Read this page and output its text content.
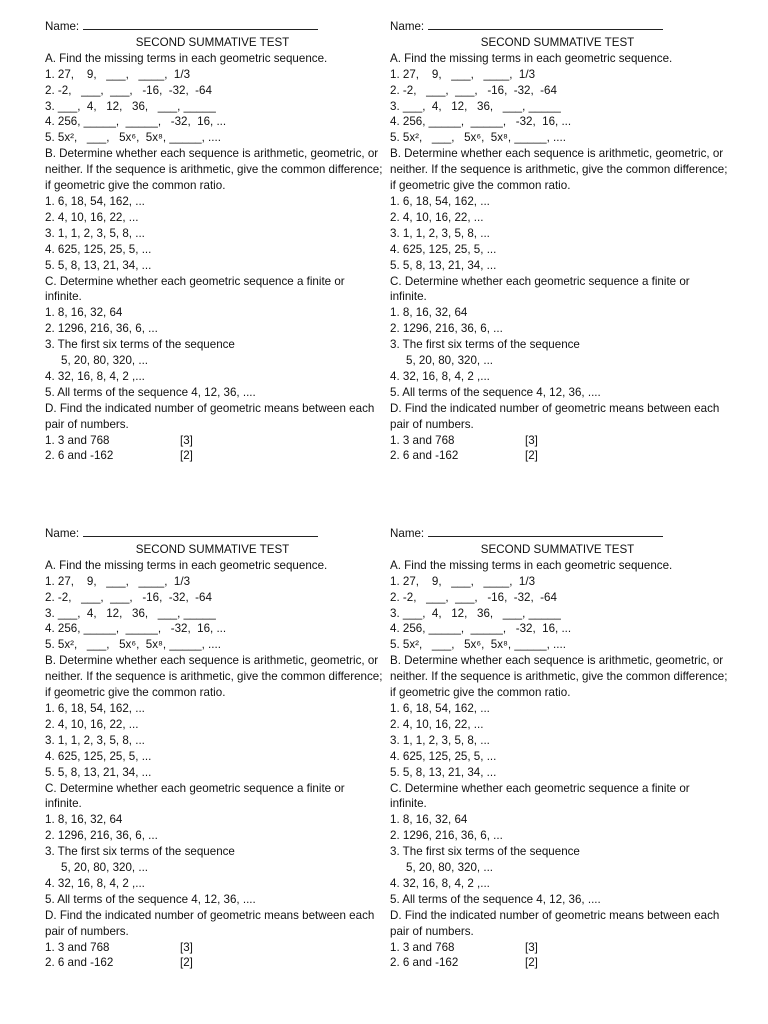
Name:
SECOND SUMMATIVE TEST
A. Find the missing terms in each geometric sequence.
1. 27,    9,   ___,   ____,  1/3
2. -2,   ___,  ___,   -16,  -32,  -64
3. ___,  4,   12,   36,   ___, _____
4. 256, _____,  _____,   -32,  16, ...
5. 5x²,   ___,   5x⁶,  5x⁸, _____, ....
B. Determine whether each sequence is arithmetic, geometric, or neither. If the sequence is arithmetic, give the common difference; if geometric give the common ratio.
1. 6, 18, 54, 162, ...
2. 4, 10, 16, 22, ...
3. 1, 1, 2, 3, 5, 8, ...
4. 625, 125, 25, 5, ...
5. 5, 8, 13, 21, 34, ...
C. Determine whether each geometric sequence a finite or infinite.
1. 8, 16, 32, 64
2. 1296, 216, 36, 6, ...
3. The first six terms of the sequence
5, 20, 80, 320, ...
4. 32, 16, 8, 4, 2 ,...
5. All terms of the sequence 4, 12, 36, ....
D. Find the indicated number of geometric means between each pair of numbers.
1. 3 and 768	[3]
2. 6 and -162	[2]
Name:
SECOND SUMMATIVE TEST
A. Find the missing terms in each geometric sequence.
1. 27,    9,   ___,   ____,  1/3
2. -2,   ___,  ___,   -16,  -32,  -64
3. ___,  4,   12,   36,   ___, _____
4. 256, _____,  _____,   -32,  16, ...
5. 5x²,   ___,   5x⁶,  5x⁸, _____, ....
B. Determine whether each sequence is arithmetic, geometric, or neither. If the sequence is arithmetic, give the common difference; if geometric give the common ratio.
1. 6, 18, 54, 162, ...
2. 4, 10, 16, 22, ...
3. 1, 1, 2, 3, 5, 8, ...
4. 625, 125, 25, 5, ...
5. 5, 8, 13, 21, 34, ...
C. Determine whether each geometric sequence a finite or infinite.
1. 8, 16, 32, 64
2. 1296, 216, 36, 6, ...
3. The first six terms of the sequence
5, 20, 80, 320, ...
4. 32, 16, 8, 4, 2 ,...
5. All terms of the sequence 4, 12, 36, ....
D. Find the indicated number of geometric means between each pair of numbers.
1. 3 and 768	[3]
2. 6 and -162	[2]
Name:
SECOND SUMMATIVE TEST
A. Find the missing terms in each geometric sequence.
1. 27,    9,   ___,   ____,  1/3
2. -2,   ___,  ___,   -16,  -32,  -64
3. ___,  4,   12,   36,   ___, _____
4. 256, _____,  _____,   -32,  16, ...
5. 5x²,   ___,   5x⁶,  5x⁸, _____, ....
B. Determine whether each sequence is arithmetic, geometric, or neither. If the sequence is arithmetic, give the common difference; if geometric give the common ratio.
1. 6, 18, 54, 162, ...
2. 4, 10, 16, 22, ...
3. 1, 1, 2, 3, 5, 8, ...
4. 625, 125, 25, 5, ...
5. 5, 8, 13, 21, 34, ...
C. Determine whether each geometric sequence a finite or infinite.
1. 8, 16, 32, 64
2. 1296, 216, 36, 6, ...
3. The first six terms of the sequence
5, 20, 80, 320, ...
4. 32, 16, 8, 4, 2 ,...
5. All terms of the sequence 4, 12, 36, ....
D. Find the indicated number of geometric means between each pair of numbers.
1. 3 and 768	[3]
2. 6 and -162	[2]
Name:
SECOND SUMMATIVE TEST
A. Find the missing terms in each geometric sequence.
1. 27,    9,   ___,   ____,  1/3
2. -2,   ___,  ___,   -16,  -32,  -64
3. ___,  4,   12,   36,   ___, _____
4. 256, _____,  _____,   -32,  16, ...
5. 5x²,   ___,   5x⁶,  5x⁸, _____, ....
B. Determine whether each sequence is arithmetic, geometric, or neither. If the sequence is arithmetic, give the common difference; if geometric give the common ratio.
1. 6, 18, 54, 162, ...
2. 4, 10, 16, 22, ...
3. 1, 1, 2, 3, 5, 8, ...
4. 625, 125, 25, 5, ...
5. 5, 8, 13, 21, 34, ...
C. Determine whether each geometric sequence a finite or infinite.
1. 8, 16, 32, 64
2. 1296, 216, 36, 6, ...
3. The first six terms of the sequence
5, 20, 80, 320, ...
4. 32, 16, 8, 4, 2 ,...
5. All terms of the sequence 4, 12, 36, ....
D. Find the indicated number of geometric means between each pair of numbers.
1. 3 and 768	[3]
2. 6 and -162	[2]
